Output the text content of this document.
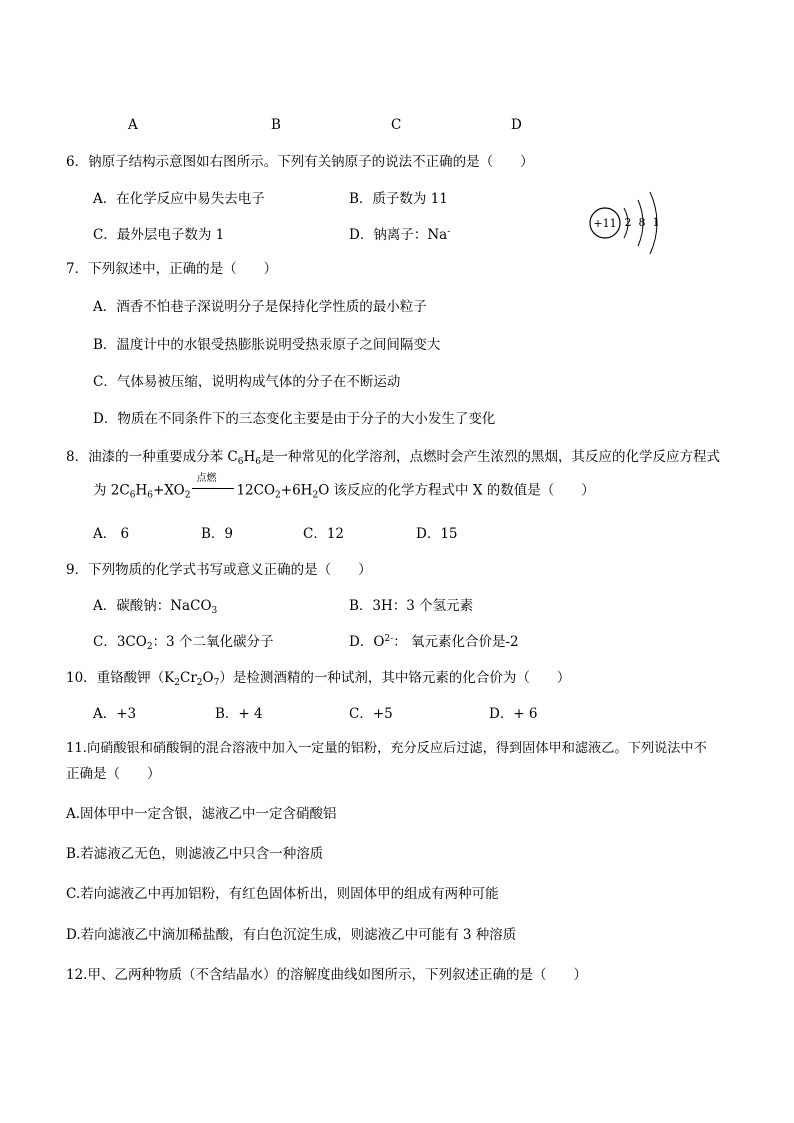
A	B	C	D
6．钠原子结构示意图如右图所示。下列有关钠原子的说法不正确的是（　　）
A．在化学反应中易失去电子	B．质子数为 11
C．最外层电子数为 1	D．钠离子：Na-
+11 2 8 1
7．下列叙述中，正确的是（　　）
A．酒香不怕巷子深说明分子是保持化学性质的最小粒子
B．温度计中的水银受热膨胀说明受热汞原子之间间隔变大
C．气体易被压缩，说明构成气体的分子在不断运动
D．物质在不同条件下的三态变化主要是由于分子的大小发生了变化
8．油漆的一种重要成分苯 $C_6H_6$是一种常见的化学溶剂，点燃时会产生浓烈的黑烟，其反应的化学反应方程式
为 $2C_6H_6+XO_2$
点燃
$12CO_2+6H_2O$ 该反应的化学方程式中 X 的数值是（　　）
A． 6	B．9	C．12	D．15
9．下列物质的化学式书写或意义正确的是（　　）
A．碳酸钠：NaCO$_3$	B．3H：3 个氢元素
C．$3CO_2$：3 个二氧化碳分子	D．$O^{2-}$： 氧元素化合价是-2
10．重铬酸钾$(K_2Cr_2O_7)$是检测酒精的一种试剂，其中铬元素的化合价为（　　）
A．+3	B．+ 4	C．+5	D．+ 6
11.向硝酸银和硝酸铜的混合溶液中加入一定量的铝粉，充分反应后过滤，得到固体甲和滤液乙。下列说法中不
正确是（　　）
A.固体甲中一定含银，滤液乙中一定含硝酸铝
B.若滤液乙无色，则滤液乙中只含一种溶质
C.若向滤液乙中再加铝粉，有红色固体析出，则固体甲的组成有两种可能
D.若向滤液乙中滴加稀盐酸，有白色沉淀生成，则滤液乙中可能有 3 种溶质
12.甲、乙两种物质（不含结晶水）的溶解度曲线如图所示，下列叙述正确的是（　　）
